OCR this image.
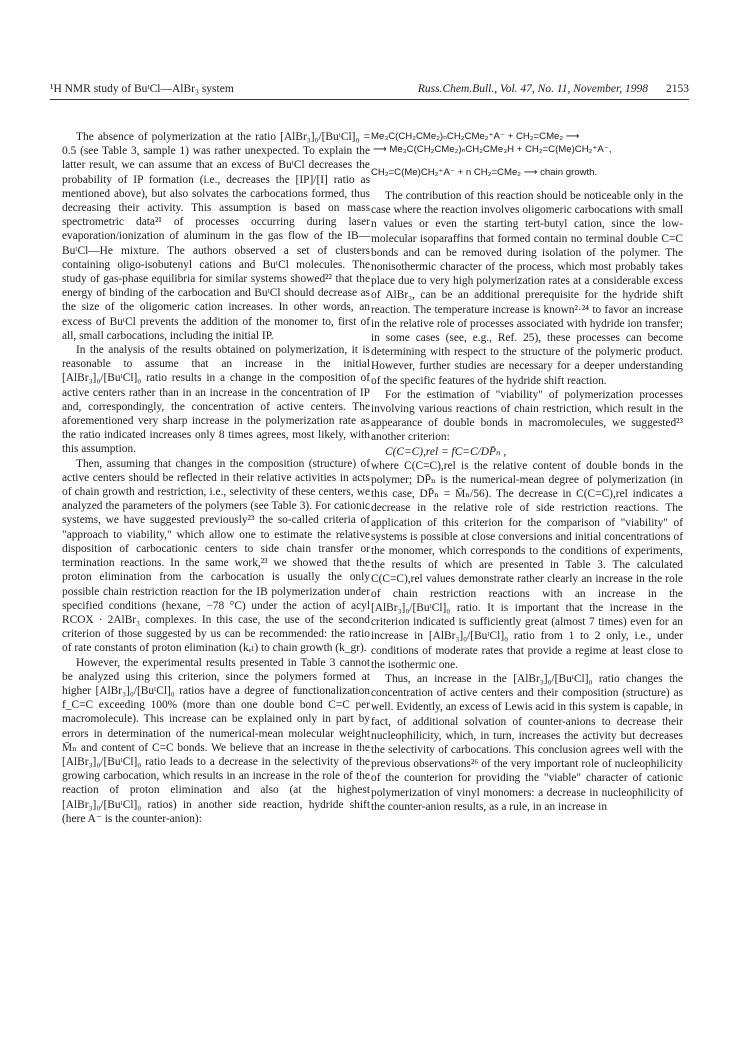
¹H NMR study of BuᵗCl—AlBr₃ system	Russ.Chem.Bull., Vol. 47, No. 11, November, 1998 2153

The absence of polymerization at the ratio [AlBr₃]₀/[BuᵗCl]₀ = 0.5 (see Table 3, sample 1) was rather unexpected. To explain the latter result, we can assume that an excess of BuᵗCl decreases the probability of IP formation (i.e., decreases the [IP]/[I] ratio as mentioned above), but also solvates the carbocations formed, thus decreasing their activity. This assumption is based on mass spectrometric data²¹ of processes occurring during laser evaporation/ionization of aluminum in the gas flow of the IB—BuᵗCl—He mixture. The authors observed a set of clusters containing oligo-isobutenyl cations and BuᵗCl molecules. The study of gas-phase equilibria for similar systems showed²² that the energy of binding of the carbocation and BuᵗCl should decrease as the size of the oligomeric cation increases. In other words, an excess of BuᵗCl prevents the addition of the monomer to, first of all, small carbocations, including the initial IP.

In the analysis of the results obtained on polymerization, it is reasonable to assume that an increase in the initial [AlBr₃]₀/[BuᵗCl]₀ ratio results in a change in the composition of active centers rather than in an increase in the concentration of IP and, correspondingly, the concentration of active centers. The aforementioned very sharp increase in the polymerization rate as the ratio indicated increases only 8 times agrees, most likely, with this assumption.

Then, assuming that changes in the composition (structure) of active centers should be reflected in their relative activities in acts of chain growth and restriction, i.e., selectivity of these centers, we analyzed the parameters of the polymers (see Table 3). For cationic systems, we have suggested previously²³ the so-called criteria of "approach to viability," which allow one to estimate the relative disposition of carbocationic centers to side chain transfer or termination reactions. In the same work,²³ we showed that the proton elimination from the carbocation is usually the only possible chain restriction reaction for the IB polymerization under specified conditions (hexane, −78 °C) under the action of acyl RCOX · 2AlBr₃ complexes. In this case, the use of the second criterion of those suggested by us can be recommended: the ratio of rate constants of proton elimination (kₑₗ) to chain growth (k_gr).

However, the experimental results presented in Table 3 cannot be analyzed using this criterion, since the polymers formed at higher [AlBr₃]₀/[BuᵗCl]₀ ratios have a degree of functionalization f_C=C exceeding 100% (more than one double bond C=C per macromolecule). This increase can be explained only in part by errors in determination of the numerical-mean molecular weight M̄ₙ and content of C=C bonds. We believe that an increase in the [AlBr₃]₀/[BuᵗCl]₀ ratio leads to a decrease in the selectivity of the growing carbocation, which results in an increase in the role of the reaction of proton elimination and also (at the highest [AlBr₃]₀/[BuᵗCl]₀ ratios) in another side reaction, hydride shift (here A⁻ is the counter-anion):

Me₃C(CH₂CMe₂)ₙCH₂CMe₂⁺A⁻ + CH₂=CMe₂ ⟶
⟶ Me₃C(CH₂CMe₂)ₙCH₂CMe₃H + CH₂=C(Me)CH₂⁺A⁻,
CH₂=C(Me)CH₂⁺A⁻ + n CH₂=CMe₂ ⟶ chain growth.

The contribution of this reaction should be noticeable only in the case where the reaction involves oligomeric carbocations with small n values or even the starting tert-butyl cation, since the low-molecular isoparaffins that formed contain no terminal double C=C bonds and can be removed during isolation of the polymer. The nonisothermic character of the process, which most probably takes place due to very high polymerization rates at a considerable excess of AlBr₃, can be an additional prerequisite for the hydride shift reaction. The temperature increase is known²·²⁴ to favor an increase in the relative role of processes associated with hydride ion transfer; in some cases (see, e.g., Ref. 25), these processes can become determining with respect to the structure of the polymeric product. However, further studies are necessary for a deeper understanding of the specific features of the hydride shift reaction.

For the estimation of "viability" of polymerization processes involving various reactions of chain restriction, which result in the appearance of double bonds in macromolecules, we suggested²³ another criterion:

C(C=C),rel = fC=C/DP̄ₙ ,

where C(C=C),rel is the relative content of double bonds in the polymer; DP̄ₙ is the numerical-mean degree of polymerization (in this case, DP̄ₙ = M̄ₙ/56). The decrease in C(C=C),rel indicates a decrease in the relative role of side restriction reactions. The application of this criterion for the comparison of "viability" of systems is possible at close conversions and initial concentrations of the monomer, which corresponds to the conditions of experiments, the results of which are presented in Table 3. The calculated C(C=C),rel values demonstrate rather clearly an increase in the role of chain restriction reactions with an increase in the [AlBr₃]₀/[BuᵗCl]₀ ratio. It is important that the increase in the criterion indicated is sufficiently great (almost 7 times) even for an increase in [AlBr₃]₀/[BuᵗCl]₀ ratio from 1 to 2 only, i.e., under conditions of moderate rates that provide a regime at least close to the isothermic one.

Thus, an increase in the [AlBr₃]₀/[BuᵗCl]₀ ratio changes the concentration of active centers and their composition (structure) as well. Evidently, an excess of Lewis acid in this system is capable, in fact, of additional solvation of counter-anions to decrease their nucleophilicity, which, in turn, increases the activity but decreases the selectivity of carbocations. This conclusion agrees well with the previous observations²⁶ of the very important role of nucleophilicity of the counterion for providing the "viable" character of cationic polymerization of vinyl monomers: a decrease in nucleophilicity of the counter-anion results, as a rule, in an increase in
